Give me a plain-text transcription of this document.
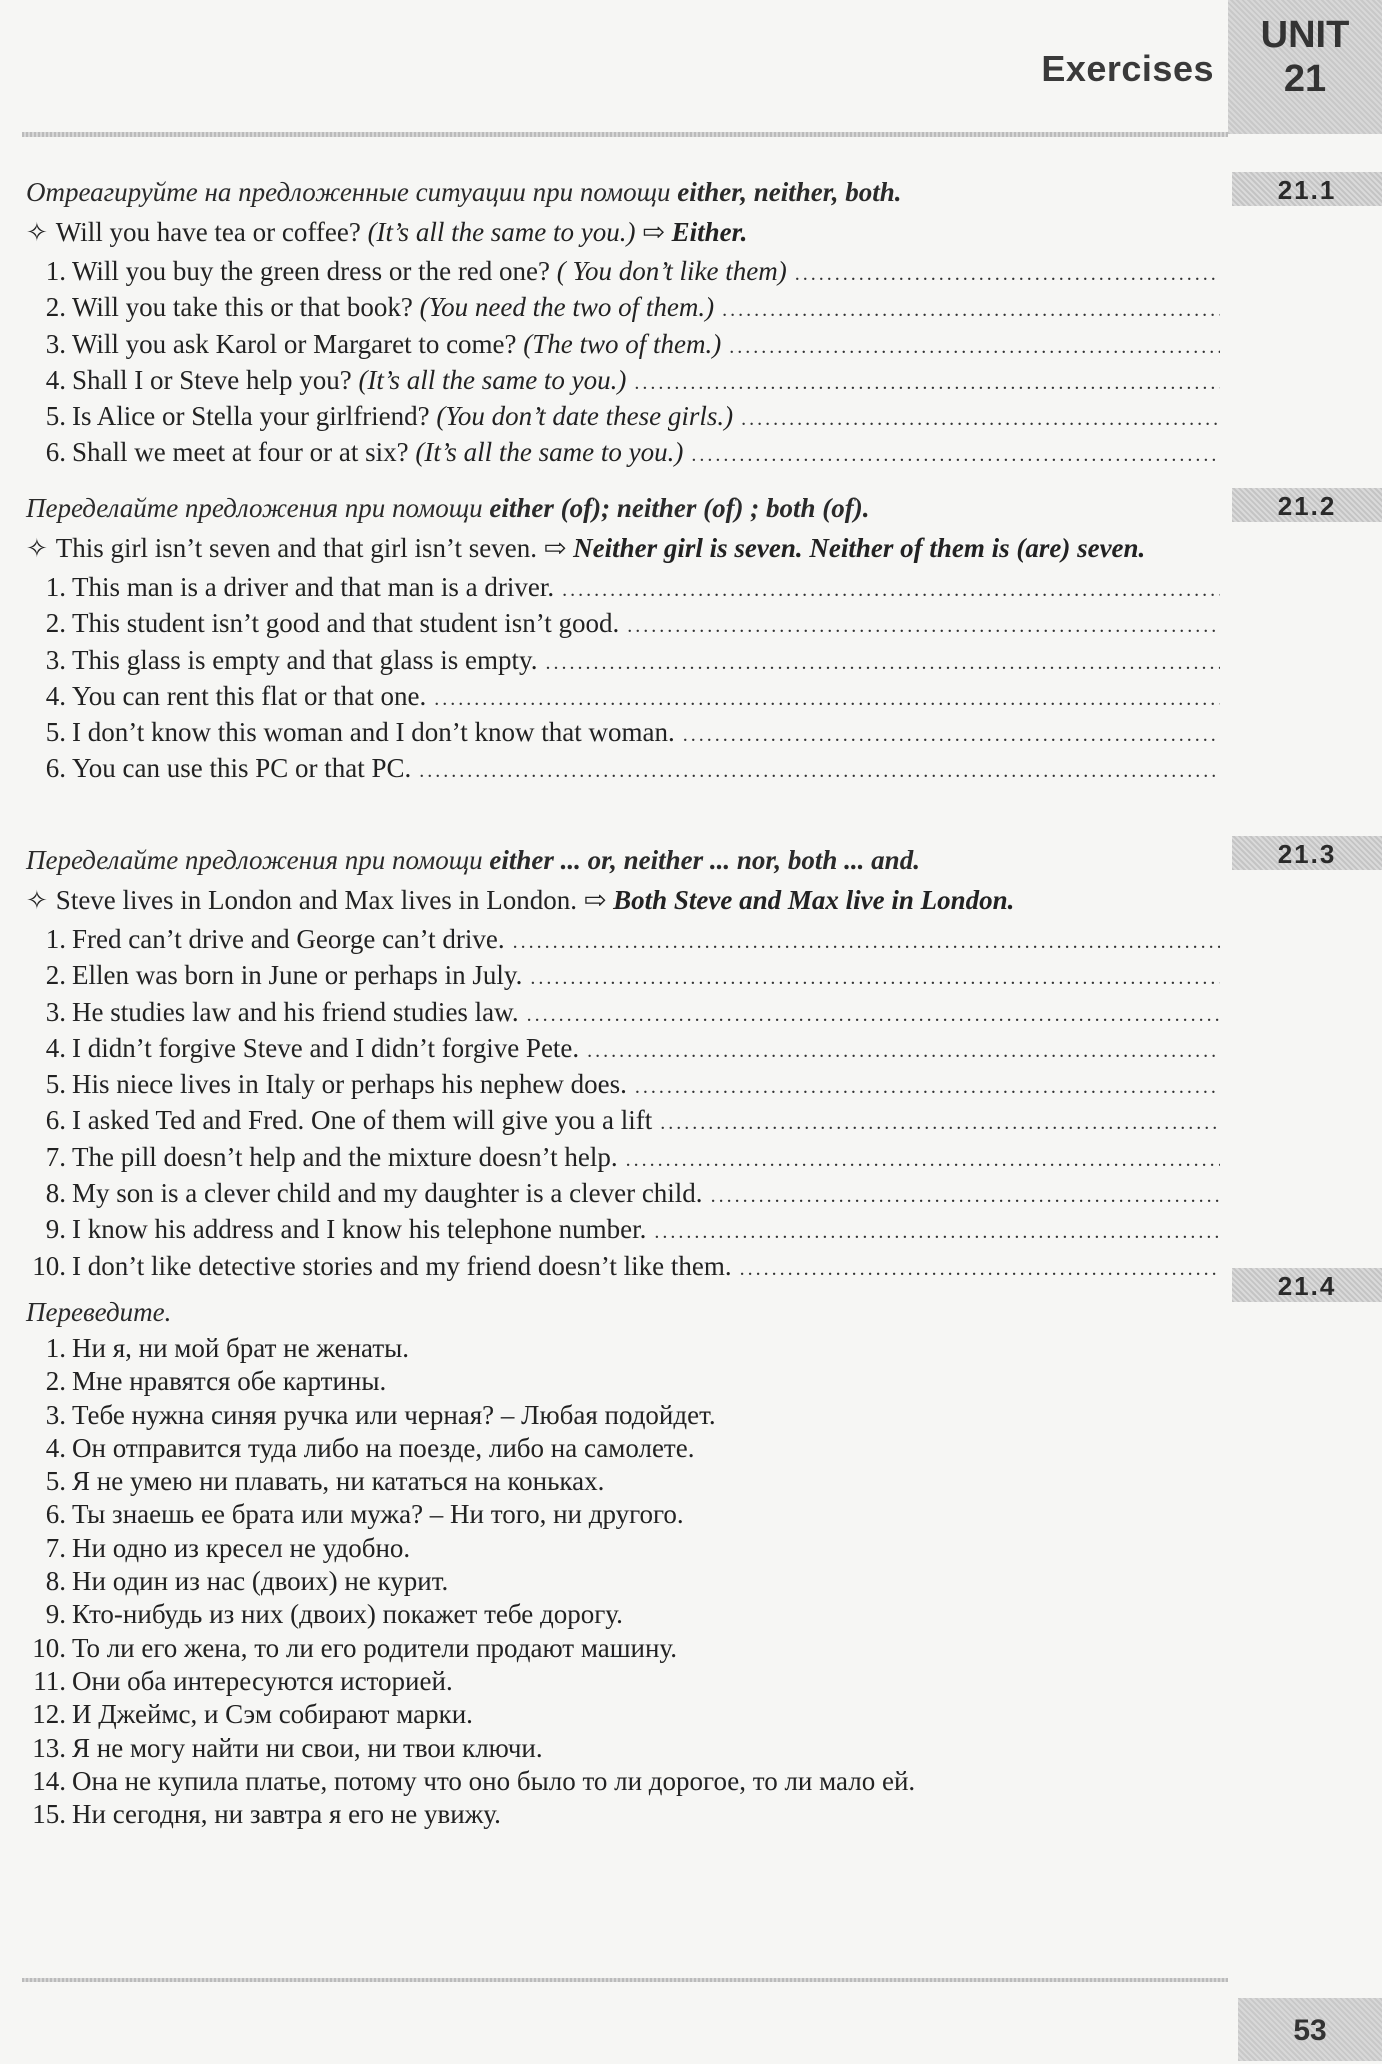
Exercises
UNIT
21
21.1
Отреагируйте на предложенные ситуации при помощи either, neither, both.
✧ Will you have tea or coffee? (It’s all the same to you.) ⇨ Either.
1. Will you buy the green dress or the red one? ( You don’t like them)
.....
2. Will you take this or that book? (You need the two of them.)
.....
3. Will you ask Karol or Margaret to come? (The two of them.)
.....
4. Shall I or Steve help you? (It’s all the same to you.)
.....
5. Is Alice or Stella your girlfriend? (You don’t date these girls.)
.....
6. Shall we meet at four or at six? (It’s all the same to you.)
.....
21.2
Переделайте предложения при помощи either (of); neither (of) ; both (of).
✧ This girl isn’t seven and that girl isn’t seven. ⇨ Neither girl is seven. Neither of them is (are) seven.
1. This man is a driver and that man is a driver.
.....
2. This student isn’t good and that student isn’t good.
.....
3. This glass is empty and that glass is empty.
.....
4. You can rent this flat or that one.
.....
5. I don’t know this woman and I don’t know that woman.
.....
6. You can use this PC or that PC.
.....
21.3
Переделайте предложения при помощи either ... or, neither ... nor, both ... and.
✧ Steve lives in London and Max lives in London. ⇨ Both Steve and Max live in London.
1. Fred can’t drive and George can’t drive.
.....
2. Ellen was born in June or perhaps in July.
.....
3. He studies law and his friend studies law.
.....
4. I didn’t forgive Steve and I didn’t forgive Pete.
.....
5. His niece lives in Italy or perhaps his nephew does.
.....
6. I asked Ted and Fred. One of them will give you a lift
.....
7. The pill doesn’t help and the mixture doesn’t help.
.....
8. My son is a clever child and my daughter is a clever child.
.....
9. I know his address and I know his telephone number.
.....
10. I don’t like detective stories and my friend doesn’t like them.
.....
21.4
Переведите.
1. Ни я, ни мой брат не женаты.
2. Мне нравятся обе картины.
3. Тебе нужна синяя ручка или черная? – Любая подойдет.
4. Он отправится туда либо на поезде, либо на самолете.
5. Я не умею ни плавать, ни кататься на коньках.
6. Ты знаешь ее брата или мужа? – Ни того, ни другого.
7. Ни одно из кресел не удобно.
8. Ни один из нас (двоих) не курит.
9. Кто-нибудь из них (двоих) покажет тебе дорогу.
10. То ли его жена, то ли его родители продают машину.
11. Они оба интересуются историей.
12. И Джеймс, и Сэм собирают марки.
13. Я не могу найти ни свои, ни твои ключи.
14. Она не купила платье, потому что оно было то ли дорогое, то ли мало ей.
15. Ни сегодня, ни завтра я его не увижу.
53
